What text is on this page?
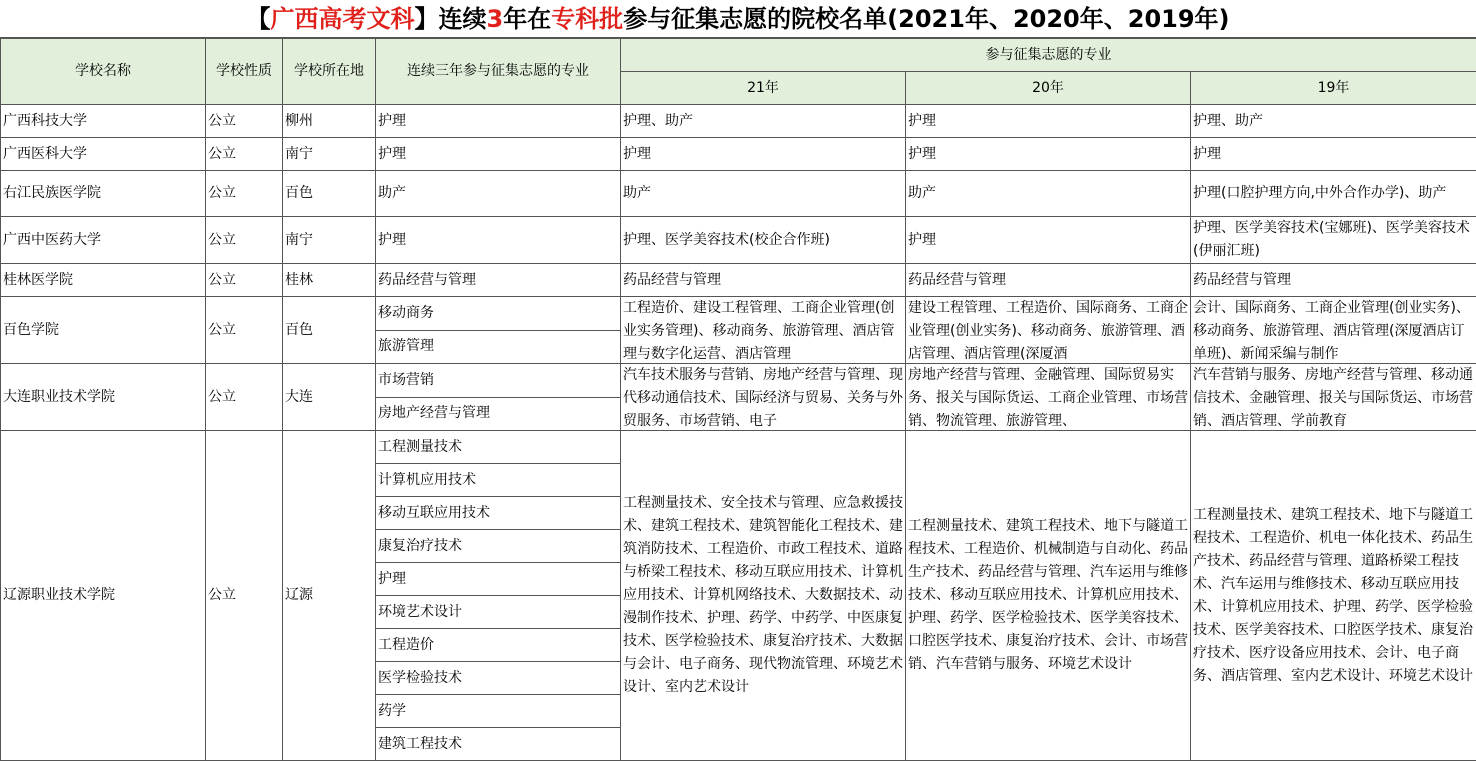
【广西高考文科】连续3年在专科批参与征集志愿的院校名单(2021年、2020年、2019年)
学校名称	学校性质	学校所在地	连续三年参与征集志愿的专业	参与征集志愿的专业		
				21年	20年	19年
广西科技大学	公立	柳州	护理	护理、助产	护理	护理、助产
广西医科大学	公立	南宁	护理	护理	护理	护理
右江民族医学院	公立	百色	助产	助产	助产	护理(口腔护理方向,中外合作办学)、助产
广西中医药大学	公立	南宁	护理	护理、医学美容技术(校企合作班)	护理	护理、医学美容技术(宝娜班)、医学美容技术(伊丽汇班)
桂林医学院	公立	桂林	药品经营与管理	药品经营与管理	药品经营与管理	药品经营与管理
百色学院	公立	百色	移动商务	工程造价、建设工程管理、工商企业管理(创业实务管理)、移动商务、旅游管理、酒店管理与数字化运营、酒店管理	建设工程管理、工程造价、国际商务、工商企业管理(创业实务)、移动商务、旅游管理、酒店管理、酒店管理(深厦酒	会计、国际商务、工商企业管理(创业实务)、移动商务、旅游管理、酒店管理(深厦酒店订单班)、新闻采编与制作

			旅游管理			
大连职业技术学院	公立	大连	市场营销	汽车技术服务与营销、房地产经营与管理、现代移动通信技术、国际经济与贸易、关务与外贸服务、市场营销、电子	房地产经营与管理、金融管理、国际贸易实务、报关与国际货运、工商企业管理、市场营销、物流管理、旅游管理、	汽车营销与服务、房地产经营与管理、移动通信技术、金融管理、报关与国际货运、市场营销、酒店管理、学前教育

			房地产经营与管理			
辽源职业技术学院	公立	辽源	工程测量技术	工程测量技术、安全技术与管理、应急救援技术、建筑工程技术、建筑智能化工程技术、建筑消防技术、工程造价、市政工程技术、道路与桥梁工程技术、移动互联应用技术、计算机应用技术、计算机网络技术、大数据技术、动漫制作技术、护理、药学、中药学、中医康复技术、医学检验技术、康复治疗技术、大数据与会计、电子商务、现代物流管理、环境艺术设计、室内艺术设计	工程测量技术、建筑工程技术、地下与隧道工程技术、工程造价、机械制造与自动化、药品生产技术、药品经营与管理、汽车运用与维修技术、移动互联应用技术、计算机应用技术、护理、药学、医学检验技术、医学美容技术、口腔医学技术、康复治疗技术、会计、市场营销、汽车营销与服务、环境艺术设计	工程测量技术、建筑工程技术、地下与隧道工程技术、工程造价、机电一体化技术、药品生产技术、药品经营与管理、道路桥梁工程技术、汽车运用与维修技术、移动互联应用技术、计算机应用技术、护理、药学、医学检验技术、医学美容技术、口腔医学技术、康复治疗技术、医疗设备应用技术、会计、电子商务、酒店管理、室内艺术设计、环境艺术设计
			计算机应用技术			
			移动互联应用技术			
			康复治疗技术			
			护理			
			环境艺术设计			
			工程造价			
			医学检验技术			
			药学			
			建筑工程技术			
